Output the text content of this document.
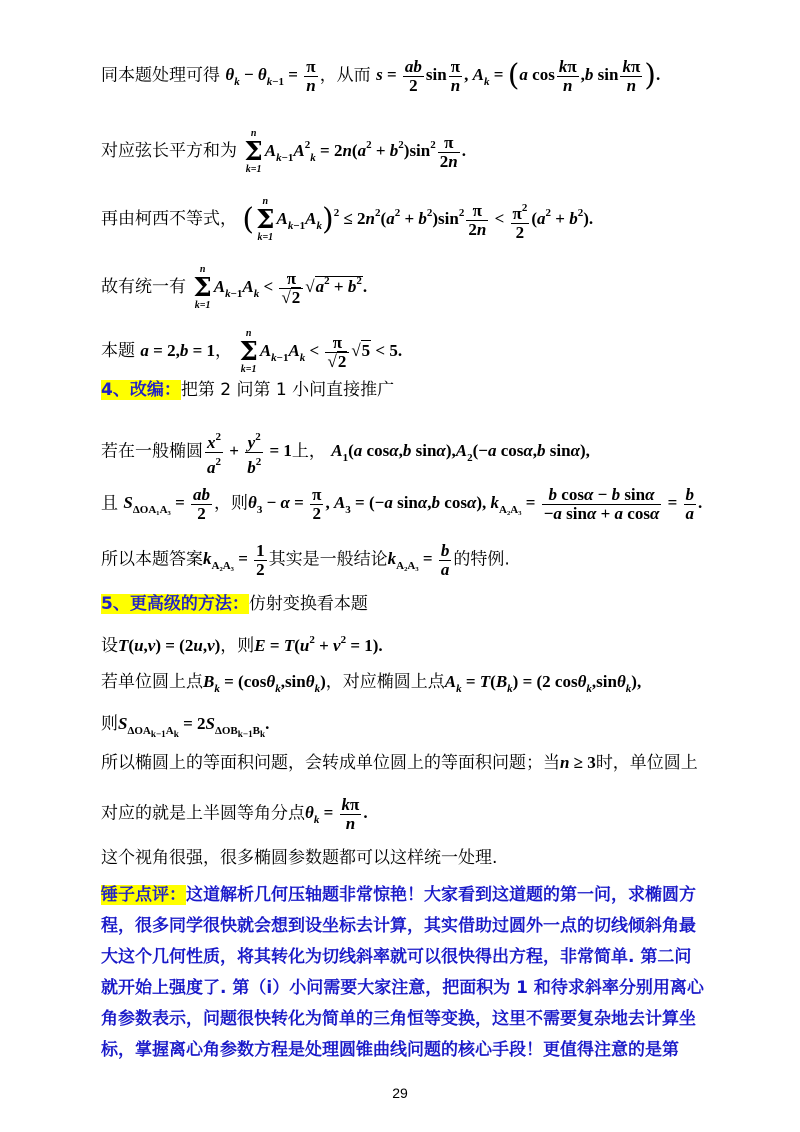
同本题处理可得 $\theta_k - \theta_{k-1} = \frac{\pi}{n}$ ，从而 $s = \frac{ab}{2}$ $\sin \frac{\pi}{n}$ , $A_k = (a$ $\cos \frac{k\pi}{n} ,b$ $\sin \frac{k\pi}{n}$ ).
对应弦长平方和为
n
Σ
k=1
$A_{k-1}A^2_k = 2n(a^2 + b^2)\sin^2 \frac{\pi}{2n}$ .
再由柯西不等式， (
n
Σ
k=1
$A_{k-1}A_k)^2 \le 2n^2(a^2 + b^2)\sin^2 \frac{\pi}{2n} < \frac{\pi^2}{2} (a^2 + b^2)$.
故有统一有
n
Σ
k=1
$A_{k-1}A_k < \frac{\pi}{√2} √a^2 + b^2$.
本题 a = 2,b = 1，
n
Σ
k=1
$A_{k-1}A_k < \frac{\pi}{√2} √5 < 5$.
4、改编：把第 2 问第 1 小问直接推广
若在一般椭圆 $\frac{x^2}{a^2} + \frac{y^2}{b^2} = 1$上， $A_1(a$ cosα,b $\sin\alpha),A_2(-a$ cosα,b sinα),
且 $S_{\Delta OA_1A_3} = \frac{ab}{2}$ ，则$\theta_3 - \alpha = \frac{\pi}{2}$ , $A_3 = (-a$ sinα,b cosα), $k_{A_2A_3} = \frac{\text{b cosα − b sinα}}{\text{−a sinα + a cosα}} = \frac{b}{a}$ .
所以本题答案$k_{A_2A_3} = \frac{1}{2}$ 其实是一般结论$k_{A_2A_3} = \frac{b}{a}$ 的特例.
5、更高级的方法：仿射变换看本题
设T(u,v) = (2u,v)，则$E = T(u^2 + v^2 = 1)$.
若单位圆上点$B_k = (\cos\theta_k,\sin\theta_k)$，对应椭圆上点$A_k = T(B_k) = (2$ cosθ$_k$,sinθ$_k$),
则$S_{\Delta OA_{k-1}A_k} = 2S_{\Delta OB_{k-1}B_k}$.
所以椭圆上的等面积问题，会转成单位圆上的等面积问题；当n ≥ 3时，单位圆上
对应的就是上半圆等角分点$\theta_k = \frac{k\pi}{n}$ .
这个视角很强，很多椭圆参数题都可以这样统一处理.
锤子点评：这道解析几何压轴题非常惊艳！大家看到这道题的第一问，求椭圆方
程，很多同学很快就会想到设坐标去计算，其实借助过圆外一点的切线倾斜角最
大这个几何性质，将其转化为切线斜率就可以很快得出方程，非常简单. 第二问
就开始上强度了. 第（i）小问需要大家注意，把面积为 1 和待求斜率分别用离心
角参数表示，问题很快转化为简单的三角恒等变换，这里不需要复杂地去计算坐
标，掌握离心角参数方程是处理圆锥曲线问题的核心手段！更值得注意的是第
29
